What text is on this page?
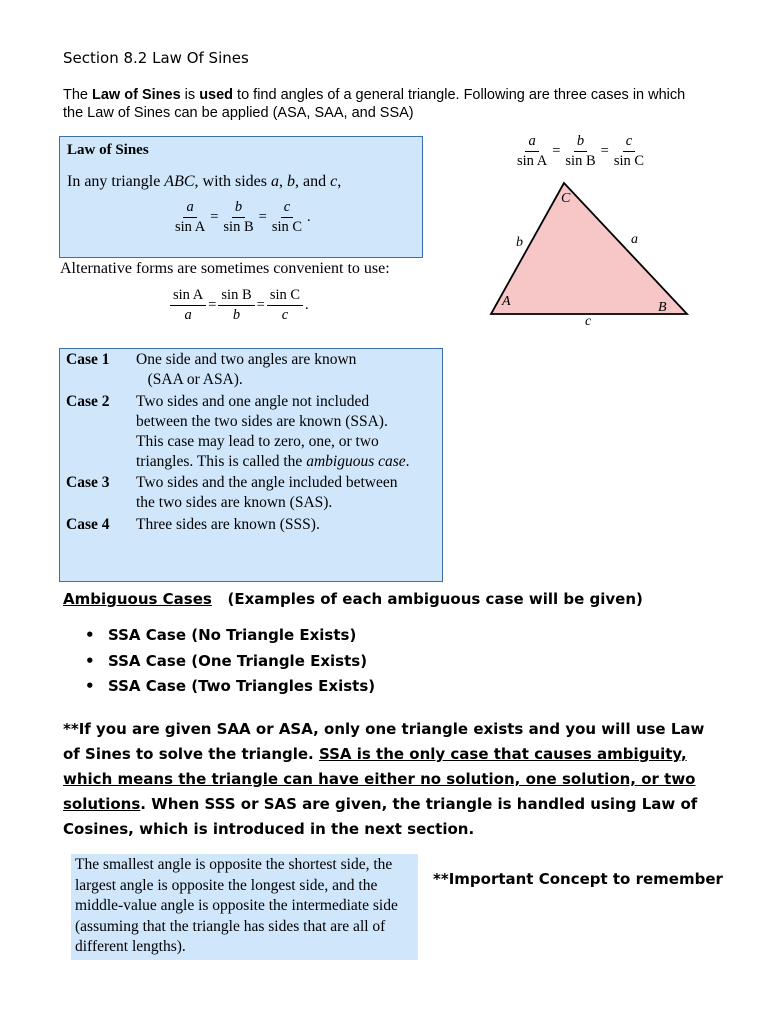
Section 8.2 Law Of Sines
The Law of Sines is used to find angles of a general triangle. Following are three cases in which the Law of Sines can be applied (ASA, SAA, and SSA)
Law of Sines
In any triangle ABC, with sides a, b, and c,
$\frac{a}{\text{sin A}} = \frac{b}{\text{sin B}} = \frac{c}{\text{sin C}}$ .
Alternative forms are sometimes convenient to use:
$\frac{\text{sin A}}{a} = \frac{\text{sin B}}{b} = \frac{\text{sin C}}{c}$ .
$\frac{a}{\text{sin A}} = \frac{b}{\text{sin B}} = \frac{c}{\text{sin C}}$
C
A	B
b	a
c
Case 1 One side and two angles are known
(SAA or ASA).
Case 2 Two sides and one angle not included
between the two sides are known (SSA).
This case may lead to zero, one, or two
triangles. This is called the ambiguous case.
Case 3 Two sides and the angle included between
the two sides are known (SAS).
Case 4 Three sides are known (SSS).
Ambiguous Cases (Examples of each ambiguous case will be given)
• SSA Case (No Triangle Exists)
• SSA Case (One Triangle Exists)
• SSA Case (Two Triangles Exists)
**If you are given SAA or ASA, only one triangle exists and you will use Law of Sines to solve the triangle. SSA is the only case that causes ambiguity, which means the triangle can have either no solution, one solution, or two solutions. When SSS or SAS are given, the triangle is handled using Law of Cosines, which is introduced in the next section.
The smallest angle is opposite the shortest side, the largest angle is opposite the longest side, and the middle-value angle is opposite the intermediate side (assuming that the triangle has sides that are all of different lengths).
**Important Concept to remember
